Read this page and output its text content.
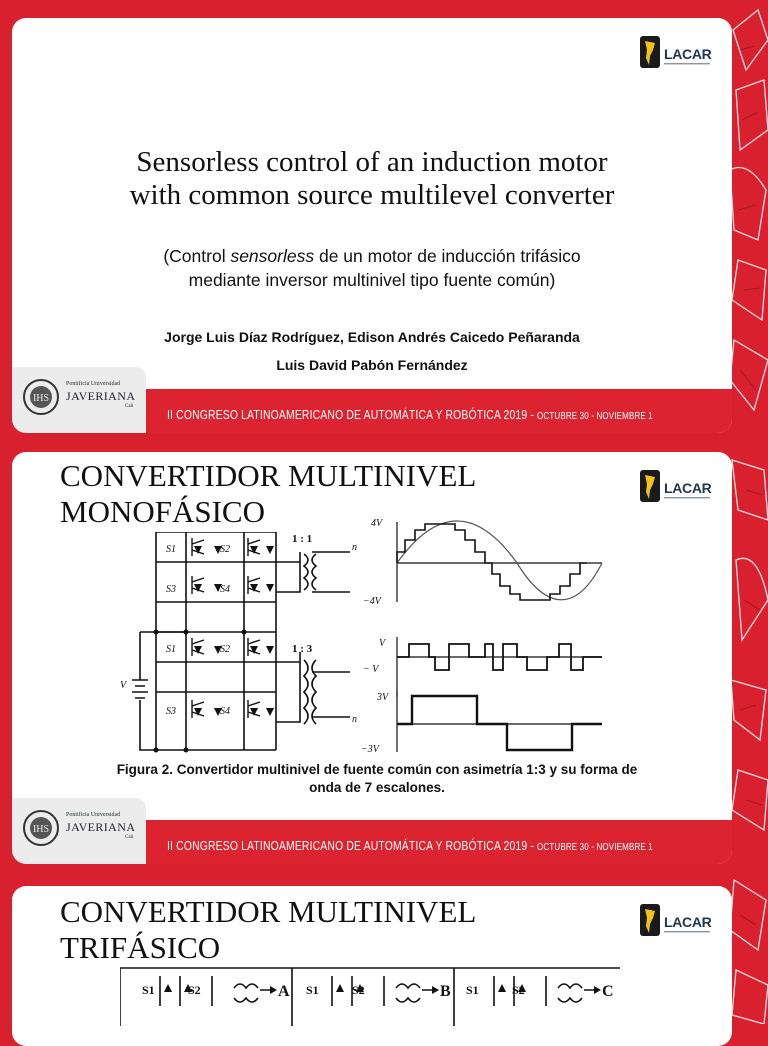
LACAR
Sensorless control of an induction motor
with common source multilevel converter
(Control sensorless de un motor de inducción trifásico
mediante inversor multinivel tipo fuente común)
Jorge Luis Díaz Rodríguez, Edison Andrés Caicedo Peñaranda
Luis David Pabón Fernández
II CONGRESO LATINOAMERICANO DE AUTOMÁTICA Y ROBÓTICA 2019 - OCTUBRE 30 - NOVIEMBRE 1
IHS
Pontificia Universidad
JAVERIANA
Cali
CONVERTIDOR MULTINIVEL
MONOFÁSICO
LACAR
S1	S2
S3	S4
S1	S2
S3	S4
V
n
n
1 : 1
1 : 3
4V
−4V
V
− V
3V
−3V
Figura 2. Convertidor multinivel de fuente común con asimetría 1:3 y su forma de
onda de 7 escalones.
II CONGRESO LATINOAMERICANO DE AUTOMÁTICA Y ROBÓTICA 2019 - OCTUBRE 30 - NOVIEMBRE 1
IHS
Pontificia Universidad
JAVERIANA
Cali
CONVERTIDOR MULTINIVEL
TRIFÁSICO
LACAR
S1	S2	S1	S2	S1	S2
A	B	C
